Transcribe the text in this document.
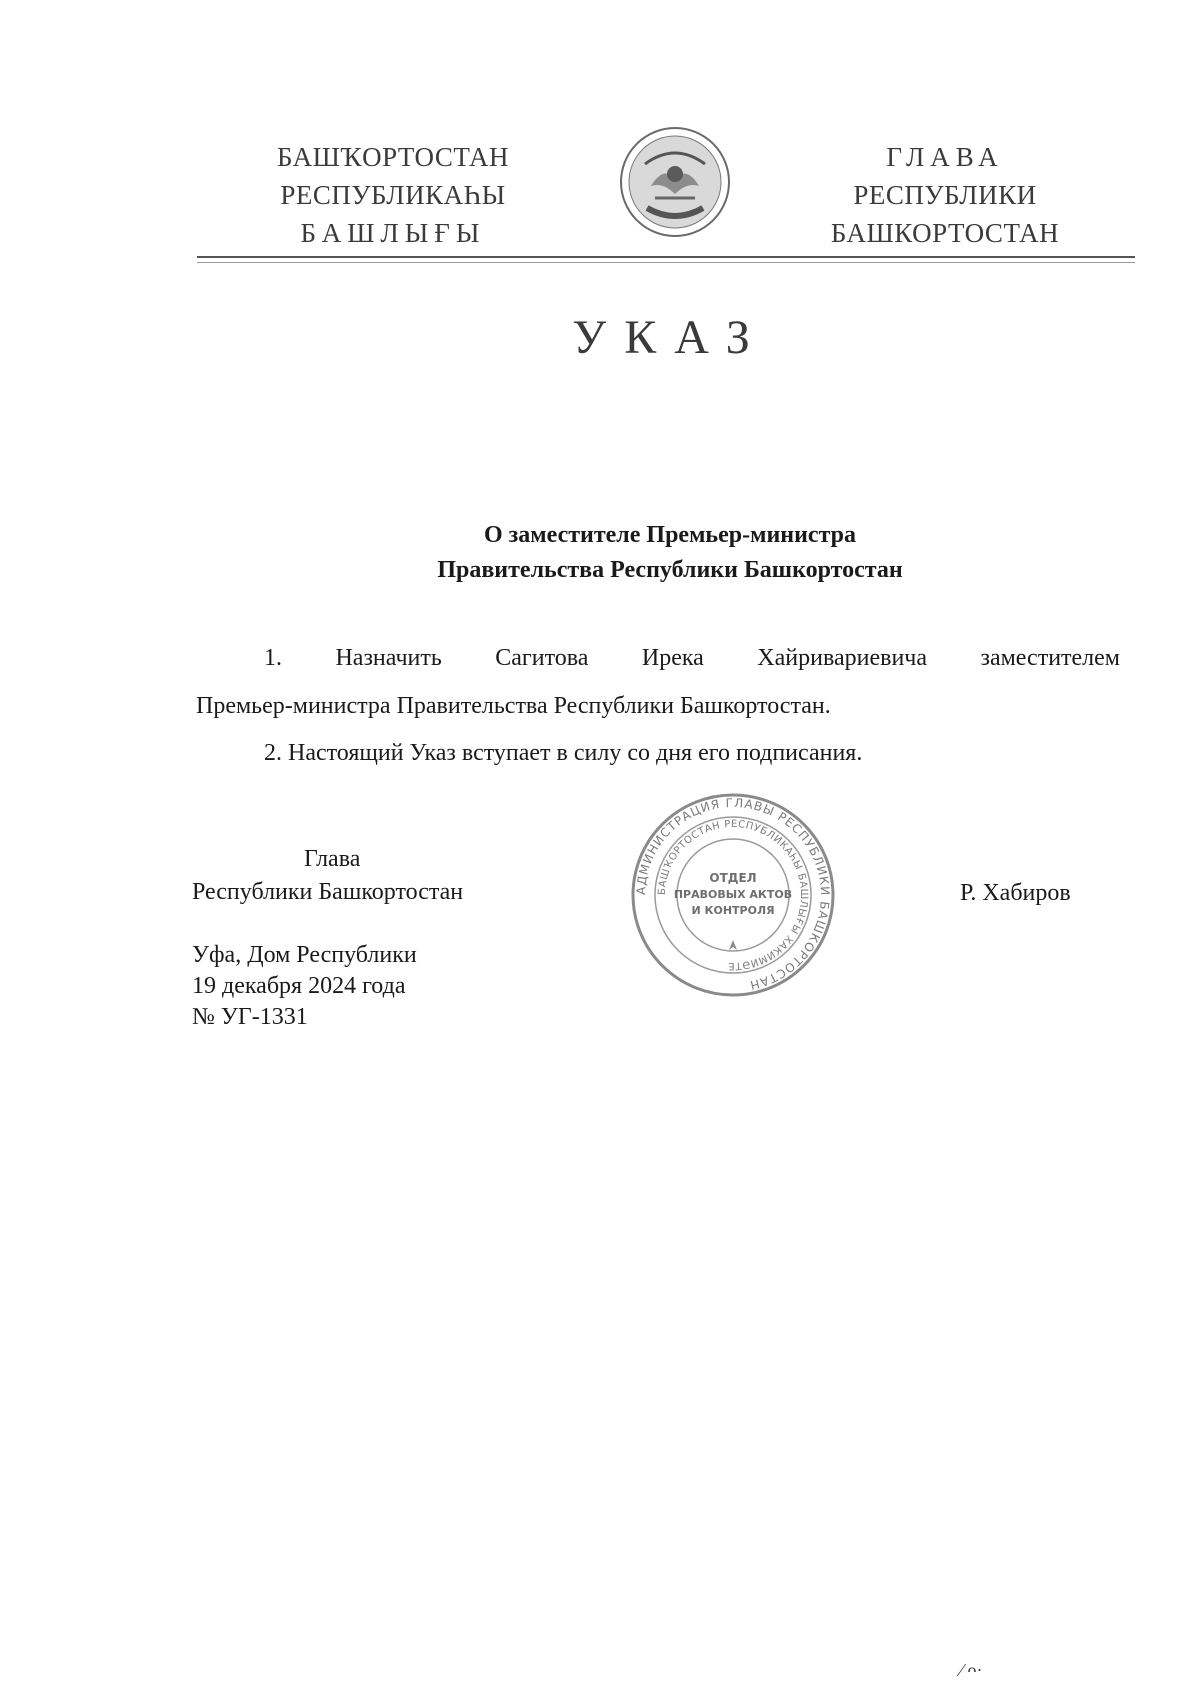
БАШҠОРТОСТАН
РЕСПУБЛИКАҺЫ
БАШЛЫҒЫ
ГЛАВА
РЕСПУБЛИКИ
БАШКОРТОСТАН
УКАЗ
О заместителе Премьер-министра
Правительства Республики Башкортостан
1. Назначить Сагитова Ирека Хайривариевича заместителем
Премьер-министра Правительства Республики Башкортостан.
2. Настоящий Указ вступает в силу со дня его подписания.
Глава
Республики Башкортостан	АДМИНИСТРАЦИЯ ГЛАВЫ РЕСПУБЛИКИ БАШКОРТОСТАН
БАШҠОРТОСТАН РЕСПУБЛИКАҺЫ БАШЛЫҒЫ ХАКИМИӘТЕ
ОТДЕЛ
ПРАВОВЫХ АКТОВ
И КОНТРОЛЯ
Р. Хабиров
Уфа, Дом Республики
19 декабря 2024 года
№ УГ-1331
⁄ ᴖ·
